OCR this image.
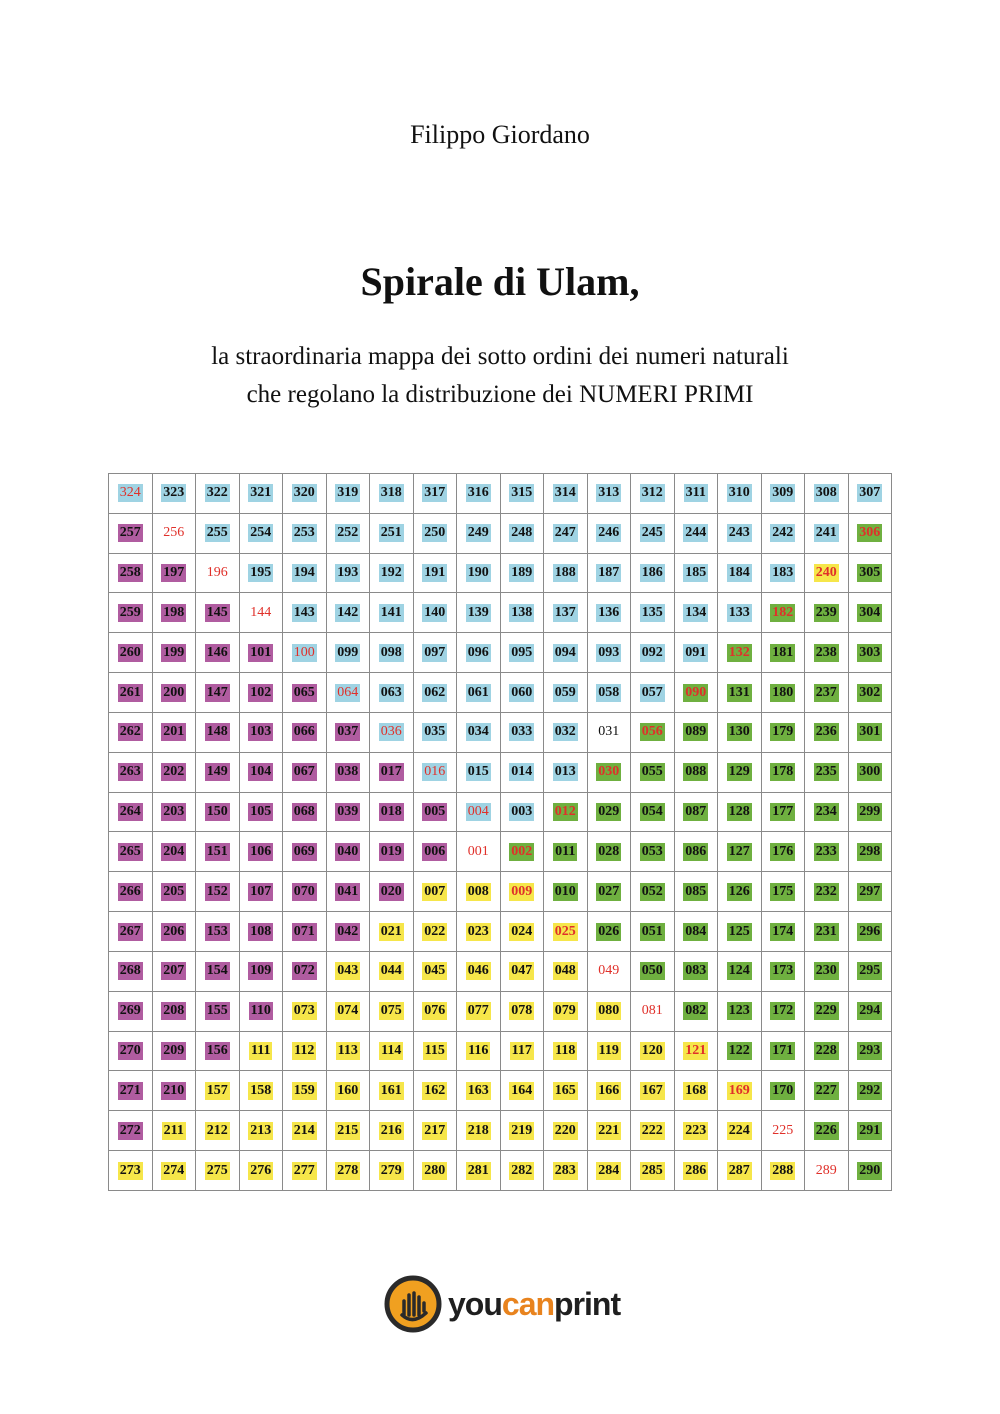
Filippo Giordano
Spirale di Ulam,
la straordinaria mappa dei sotto ordini dei numeri naturali
che regolano la distribuzione dei NUMERI PRIMI
324	323	322	321	320	319	318	317	316	315	314	313	312	311	310	309	308	307
257	256	255	254	253	252	251	250	249	248	247	246	245	244	243	242	241	306
258	197	196	195	194	193	192	191	190	189	188	187	186	185	184	183	240	305
259	198	145	144	143	142	141	140	139	138	137	136	135	134	133	182	239	304
260	199	146	101	100	099	098	097	096	095	094	093	092	091	132	181	238	303
261	200	147	102	065	064	063	062	061	060	059	058	057	090	131	180	237	302
262	201	148	103	066	037	036	035	034	033	032	031	056	089	130	179	236	301
263	202	149	104	067	038	017	016	015	014	013	030	055	088	129	178	235	300
264	203	150	105	068	039	018	005	004	003	012	029	054	087	128	177	234	299
265	204	151	106	069	040	019	006	001	002	011	028	053	086	127	176	233	298
266	205	152	107	070	041	020	007	008	009	010	027	052	085	126	175	232	297
267	206	153	108	071	042	021	022	023	024	025	026	051	084	125	174	231	296
268	207	154	109	072	043	044	045	046	047	048	049	050	083	124	173	230	295
269	208	155	110	073	074	075	076	077	078	079	080	081	082	123	172	229	294
270	209	156	111	112	113	114	115	116	117	118	119	120	121	122	171	228	293
271	210	157	158	159	160	161	162	163	164	165	166	167	168	169	170	227	292
272	211	212	213	214	215	216	217	218	219	220	221	222	223	224	225	226	291
273	274	275	276	277	278	279	280	281	282	283	284	285	286	287	288	289	290
youcanprint
